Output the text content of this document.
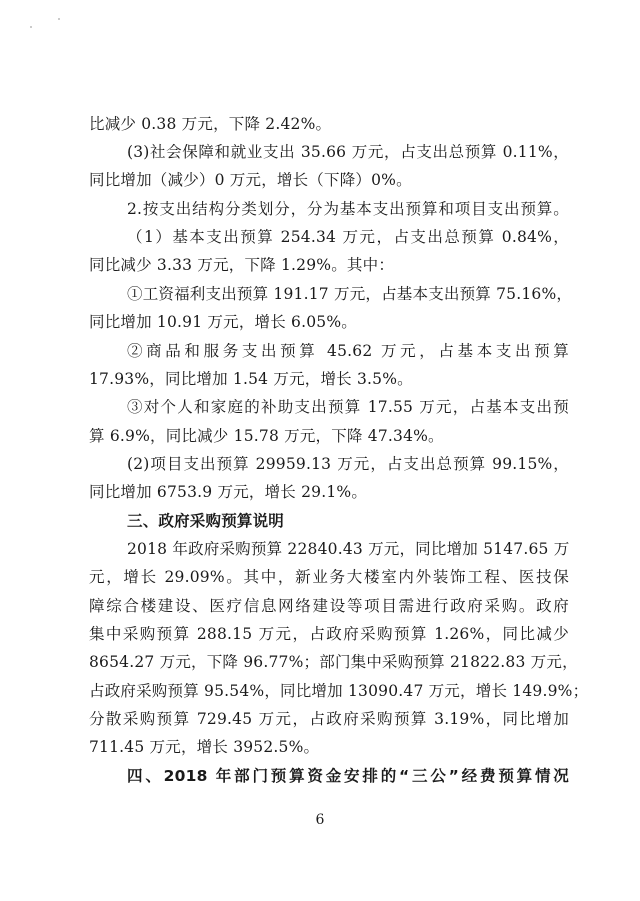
比减少 0.38 万元，下降 2.42%。
(3)社会保障和就业支出 35.66 万元，占支出总预算 0.11%，
同比增加（减少）0 万元，增长（下降）0%。
2.按支出结构分类划分，分为基本支出预算和项目支出预算。
（1）基本支出预算 254.34 万元，占支出总预算 0.84%，
同比减少 3.33 万元，下降 1.29%。其中：
①工资福利支出预算 191.17 万元，占基本支出预算 75.16%，
同比增加 10.91 万元，增长 6.05%。
②商品和服务支出预算 45.62 万元，占基本支出预算
17.93%，同比增加 1.54 万元，增长 3.5%。
③对个人和家庭的补助支出预算 17.55 万元，占基本支出预
算 6.9%，同比减少 15.78 万元，下降 47.34%。
(2)项目支出预算 29959.13 万元，占支出总预算 99.15%，
同比增加 6753.9 万元，增长 29.1%。
三、政府采购预算说明
2018 年政府采购预算 22840.43 万元，同比增加 5147.65 万
元，增长 29.09%。其中，新业务大楼室内外装饰工程、医技保
障综合楼建设、医疗信息网络建设等项目需进行政府采购。政府
集中采购预算 288.15 万元，占政府采购预算 1.26%，同比减少
8654.27 万元，下降 96.77%；部门集中采购预算 21822.83 万元，
占政府采购预算 95.54%，同比增加 13090.47 万元，增长 149.9%；
分散采购预算 729.45 万元，占政府采购预算 3.19%，同比增加
711.45 万元，增长 3952.5%。
四、2018 年部门预算资金安排的“三公”经费预算情况
6
